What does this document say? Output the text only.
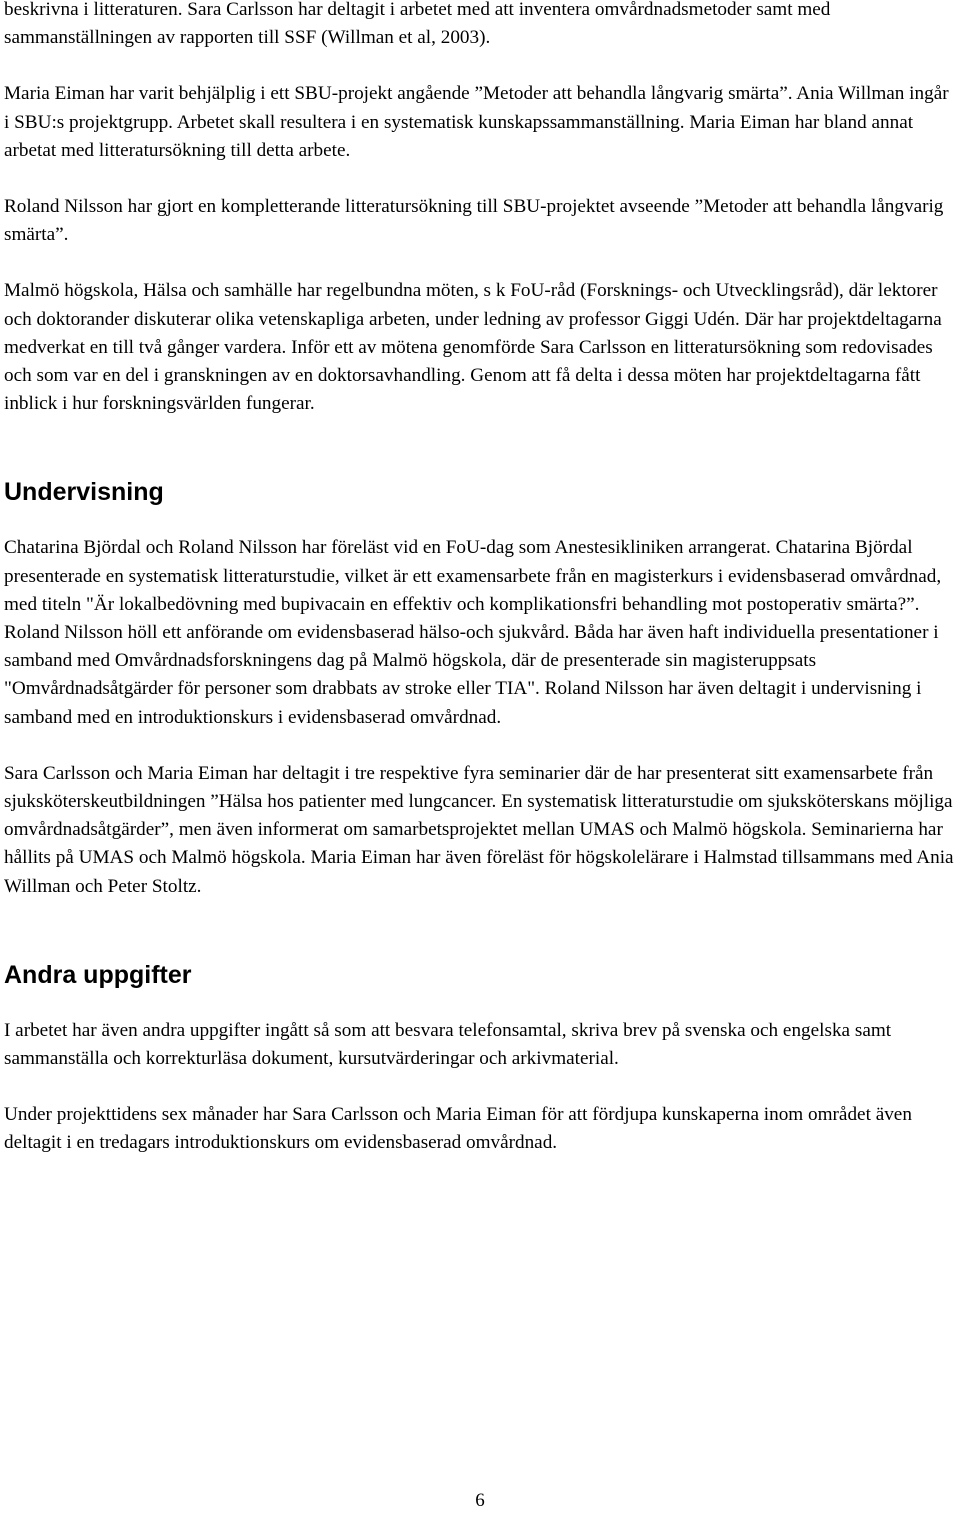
beskrivna i litteraturen. Sara Carlsson har deltagit i arbetet med att inventera omvårdnadsmetoder samt med sammanställningen av rapporten till SSF (Willman et al, 2003).

Maria Eiman har varit behjälplig i ett SBU-projekt angående ”Metoder att behandla långvarig smärta”. Ania Willman ingår i SBU:s projektgrupp. Arbetet skall resultera i en systematisk kunskapssammanställning. Maria Eiman har bland annat arbetat med litteratursökning till detta arbete.

Roland Nilsson har gjort en kompletterande litteratursökning till SBU-projektet avseende ”Metoder att behandla långvarig smärta”.

Malmö högskola, Hälsa och samhälle har regelbundna möten, s k FoU-råd (Forsknings- och Utvecklingsråd), där lektorer och doktorander diskuterar olika vetenskapliga arbeten, under ledning av professor Giggi Udén. Där har projektdeltagarna medverkat en till två gånger vardera. Inför ett av mötena genomförde Sara Carlsson en litteratursökning som redovisades och som var en del i granskningen av en doktorsavhandling. Genom att få delta i dessa möten har projektdeltagarna fått inblick i hur forskningsvärlden fungerar.

Undervisning

Chatarina Björdal och Roland Nilsson har föreläst vid en FoU-dag som Anestesikliniken arrangerat. Chatarina Björdal presenterade en systematisk litteraturstudie, vilket är ett examensarbete från en magisterkurs i evidensbaserad omvårdnad, med titeln "Är lokalbedövning med bupivacain en effektiv och komplikationsfri behandling mot postoperativ smärta?”. Roland Nilsson höll ett anförande om evidensbaserad hälso-och sjukvård. Båda har även haft individuella presentationer i samband med Omvårdnadsforskningens dag på Malmö högskola, där de presenterade sin magisteruppsats "Omvårdnadsåtgärder för personer som drabbats av stroke eller TIA". Roland Nilsson har även deltagit i undervisning i samband med en introduktionskurs i evidensbaserad omvårdnad.

Sara Carlsson och Maria Eiman har deltagit i tre respektive fyra seminarier där de har presenterat sitt examensarbete från sjuksköterskeutbildningen ”Hälsa hos patienter med lungcancer. En systematisk litteraturstudie om sjuksköterskans möjliga omvårdnadsåtgärder”, men även informerat om samarbetsprojektet mellan UMAS och Malmö högskola. Seminarierna har hållits på UMAS och Malmö högskola. Maria Eiman har även föreläst för högskolelärare i Halmstad tillsammans med Ania Willman och Peter Stoltz.

Andra uppgifter

I arbetet har även andra uppgifter ingått så som att besvara telefonsamtal, skriva brev på svenska och engelska samt sammanställa och korrekturläsa dokument, kursutvärderingar och arkivmaterial.

Under projekttidens sex månader har Sara Carlsson och Maria Eiman för att fördjupa kunskaperna inom området även deltagit i en tredagars introduktionskurs om evidensbaserad omvårdnad.

6
